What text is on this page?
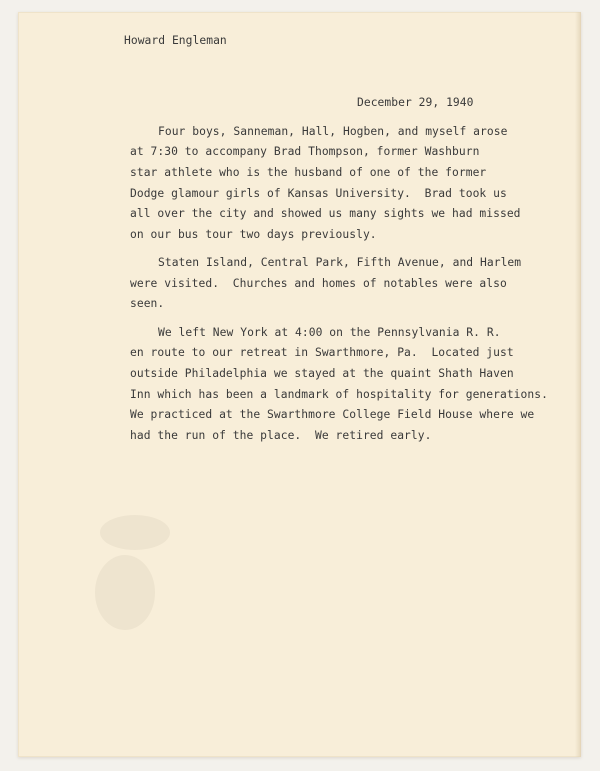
Howard Engleman
December 29, 1940
Four boys, Sanneman, Hall, Hogben, and myself arose
at 7:30 to accompany Brad Thompson, former Washburn
star athlete who is the husband of one of the former
Dodge glamour girls of Kansas University.  Brad took us
all over the city and showed us many sights we had missed
on our bus tour two days previously.
Staten Island, Central Park, Fifth Avenue, and Harlem
were visited.  Churches and homes of notables were also
seen.
We left New York at 4:00 on the Pennsylvania R. R.
en route to our retreat in Swarthmore, Pa.  Located just
outside Philadelphia we stayed at the quaint Shath Haven
Inn which has been a landmark of hospitality for generations.
We practiced at the Swarthmore College Field House where we
had the run of the place.  We retired early.
